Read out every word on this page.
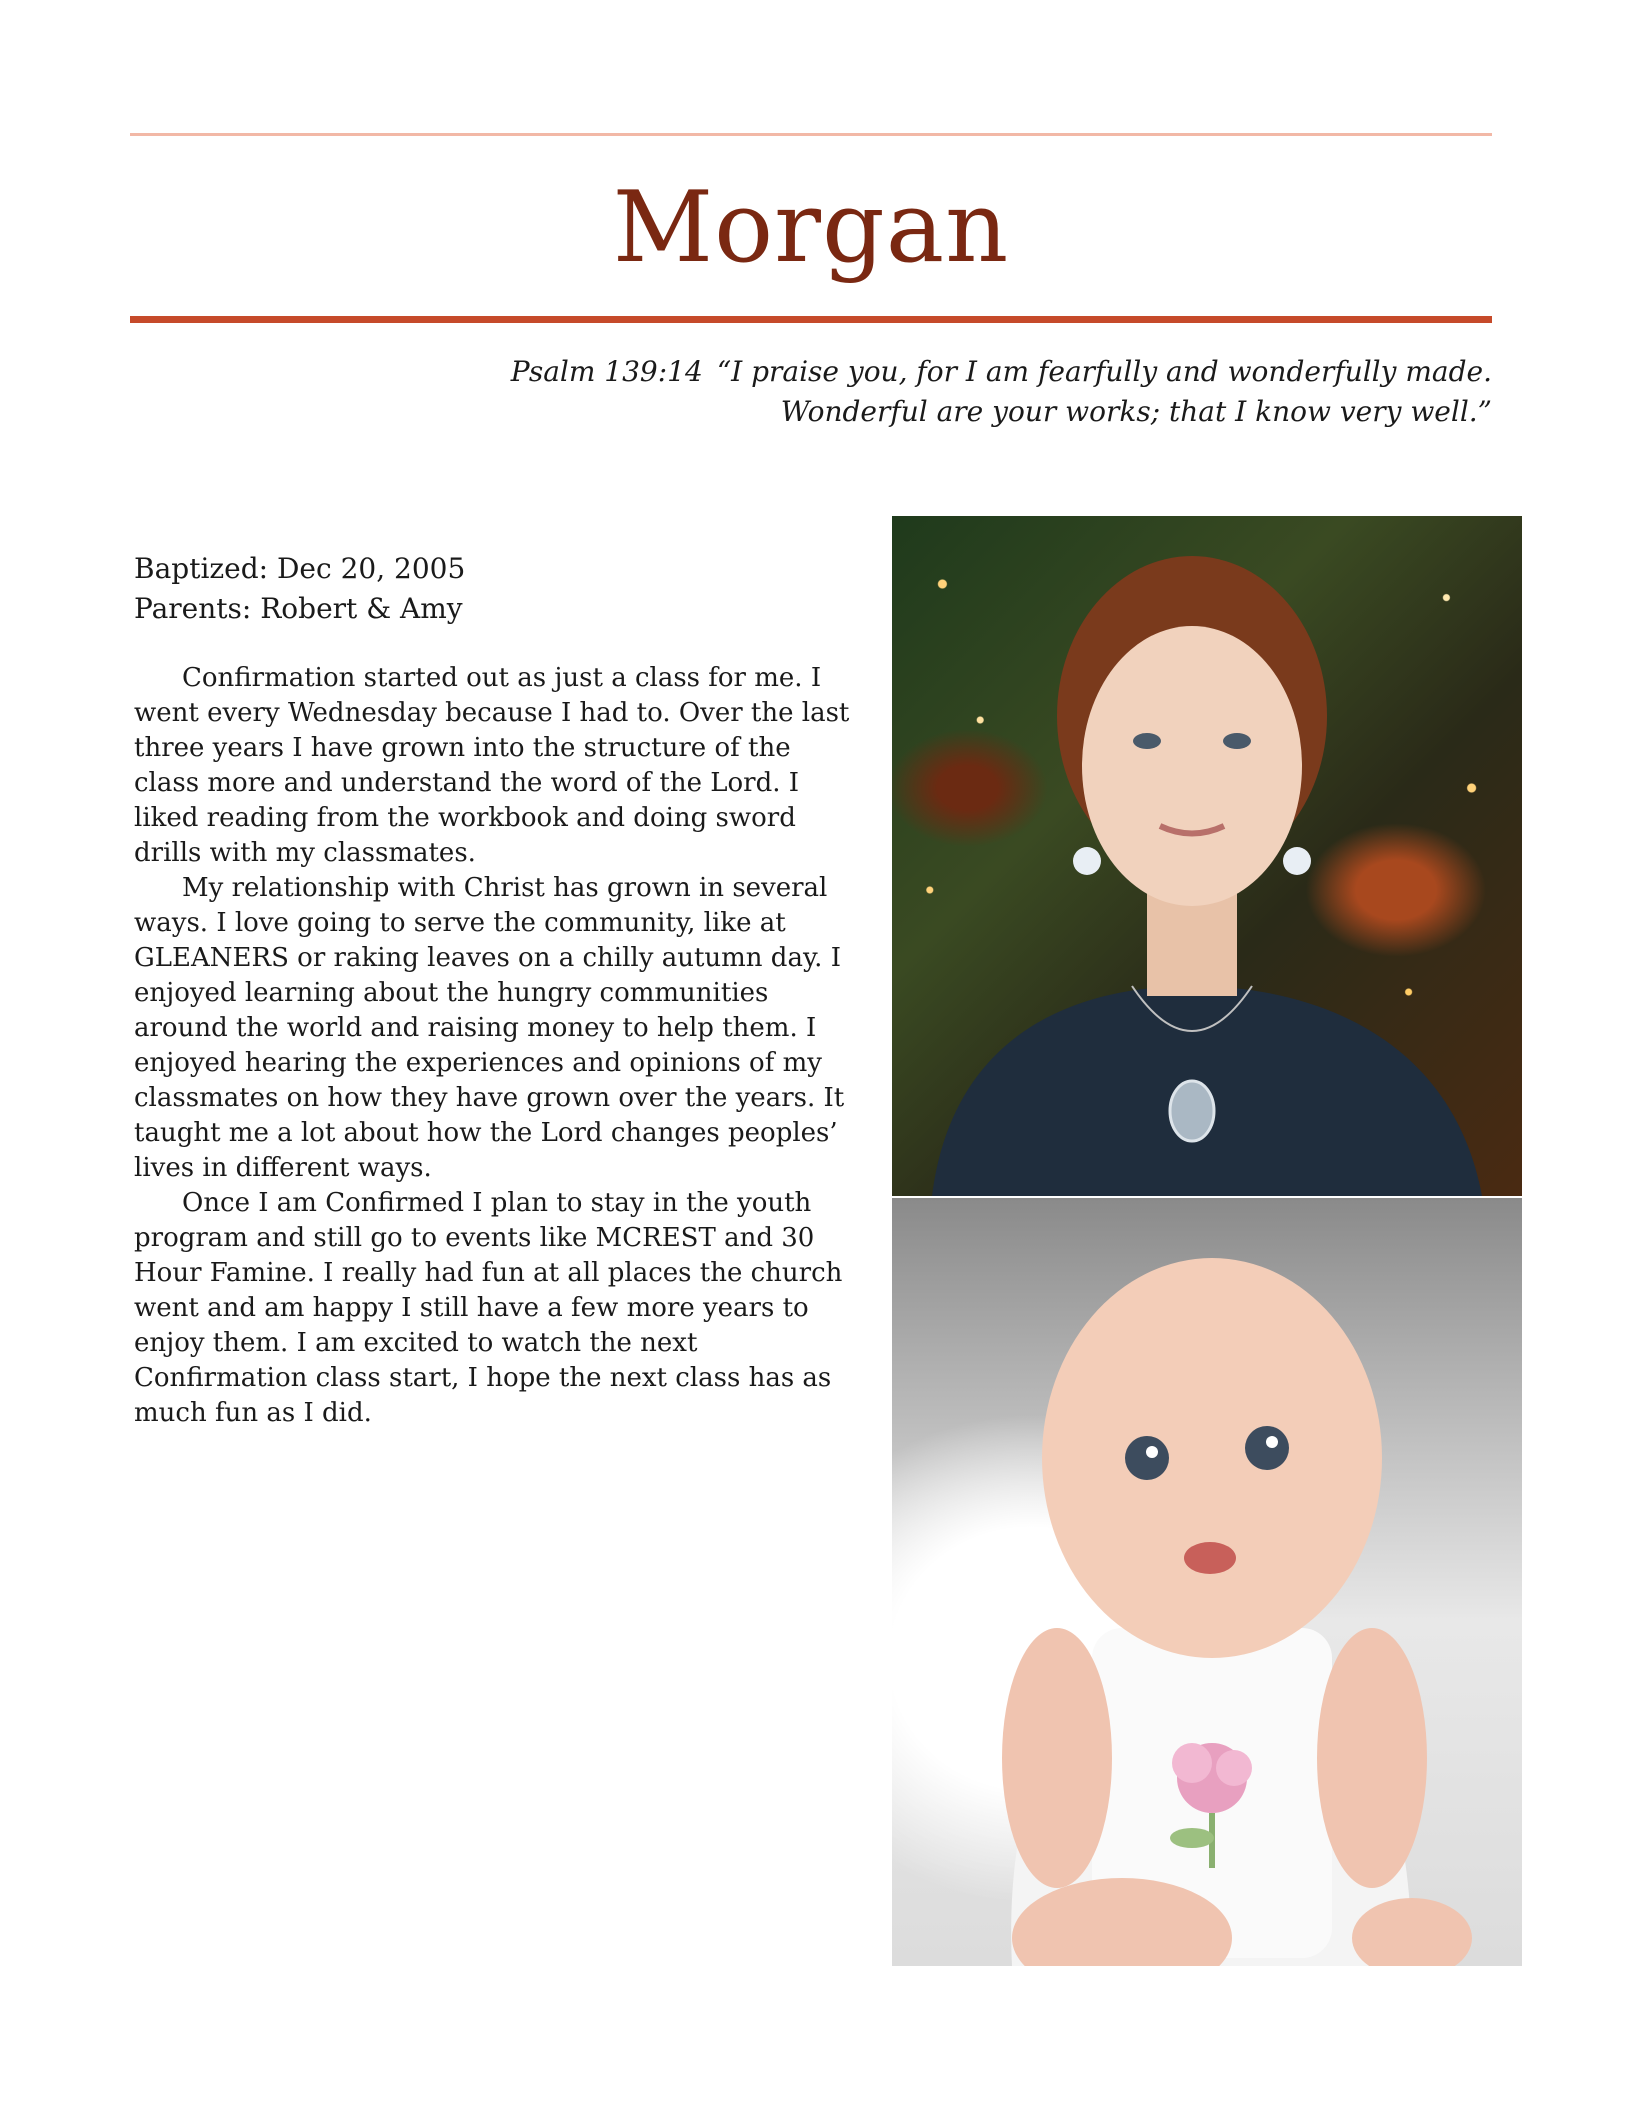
Morgan
Psalm 139:14 “I praise you, for I am fearfully and wonderfully made.
Wonderful are your works; that I know very well.”
Baptized: Dec 20, 2005
Parents: Robert & Amy

Confirmation started out as just a class for me. I went every Wednesday because I had to. Over the last three years I have grown into the structure of the class more and understand the word of the Lord. I liked reading from the workbook and doing sword drills with my classmates.

My relationship with Christ has grown in several ways. I love going to serve the community, like at GLEANERS or raking leaves on a chilly autumn day. I enjoyed learning about the hungry communities around the world and raising money to help them. I enjoyed hearing the experiences and opinions of my classmates on how they have grown over the years. It taught me a lot about how the Lord changes peoples’ lives in different ways.

Once I am Confirmed I plan to stay in the youth program and still go to events like MCREST and 30 Hour Famine. I really had fun at all places the church went and am happy I still have a few more years to enjoy them. I am excited to watch the next Confirmation class start, I hope the next class has as much fun as I did.
